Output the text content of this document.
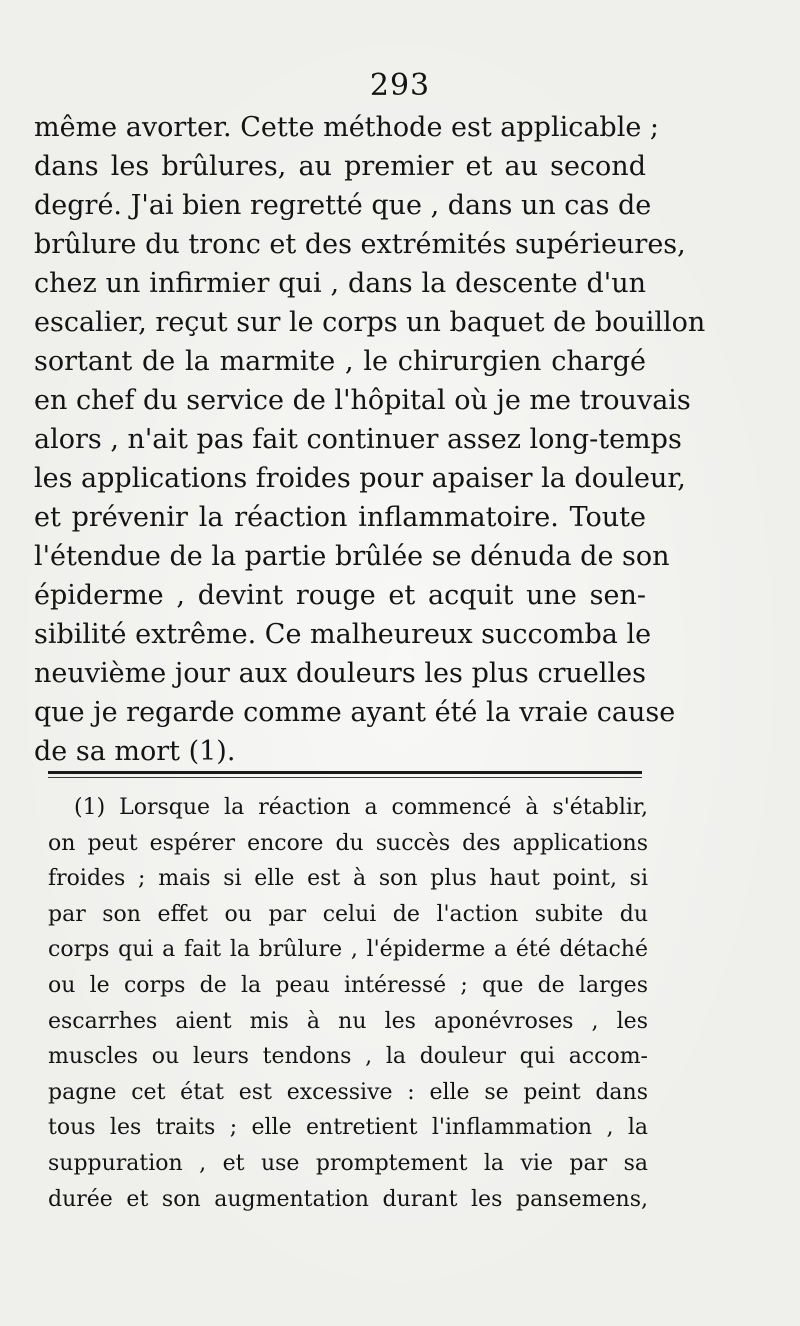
293
même avorter. Cette méthode est applicable ;
dans les brûlures, au premier et au second
degré. J'ai bien regretté que , dans un cas de
brûlure du tronc et des extrémités supérieures,
chez un infirmier qui , dans la descente d'un
escalier, reçut sur le corps un baquet de bouillon
sortant de la marmite , le chirurgien chargé
en chef du service de l'hôpital où je me trouvais
alors , n'ait pas fait continuer assez long-temps
les applications froides pour apaiser la douleur,
et prévenir la réaction inflammatoire. Toute
l'étendue de la partie brûlée se dénuda de son
épiderme , devint rouge et acquit une sen-
sibilité extrême. Ce malheureux succomba le
neuvième jour aux douleurs les plus cruelles
que je regarde comme ayant été la vraie cause
de sa mort (1).
(1) Lorsque la réaction a commencé à s'établir,
on peut espérer encore du succès des applications
froides ; mais si elle est à son plus haut point, si
par son effet ou par celui de l'action subite du
corps qui a fait la brûlure , l'épiderme a été détaché
ou le corps de la peau intéressé ; que de larges
escarrhes aient mis à nu les aponévroses , les
muscles ou leurs tendons , la douleur qui accom-
pagne cet état est excessive : elle se peint dans
tous les traits ; elle entretient l'inflammation , la
suppuration , et use promptement la vie par sa
durée et son augmentation durant les pansemens,
